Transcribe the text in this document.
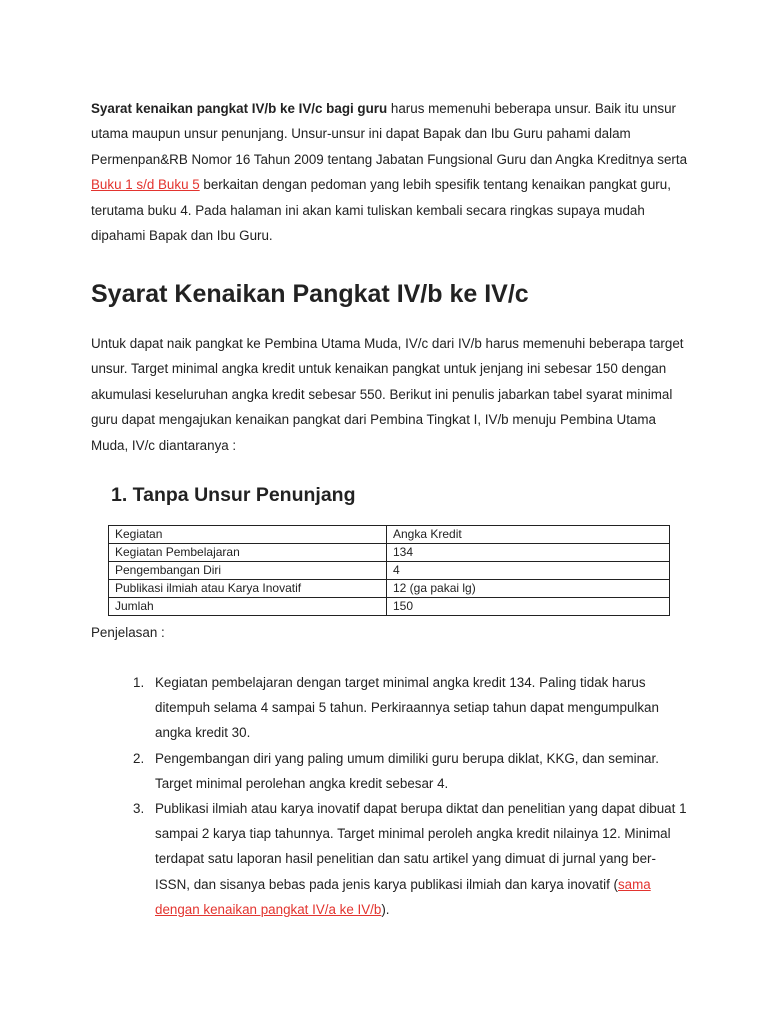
Syarat kenaikan pangkat IV/b ke IV/c bagi guru harus memenuhi beberapa unsur. Baik itu unsur utama maupun unsur penunjang. Unsur-unsur ini dapat Bapak dan Ibu Guru pahami dalam Permenpan&RB Nomor 16 Tahun 2009 tentang Jabatan Fungsional Guru dan Angka Kreditnya serta Buku 1 s/d Buku 5 berkaitan dengan pedoman yang lebih spesifik tentang kenaikan pangkat guru, terutama buku 4. Pada halaman ini akan kami tuliskan kembali secara ringkas supaya mudah dipahami Bapak dan Ibu Guru.

Syarat Kenaikan Pangkat IV/b ke IV/c

Untuk dapat naik pangkat ke Pembina Utama Muda, IV/c dari IV/b harus memenuhi beberapa target unsur. Target minimal angka kredit untuk kenaikan pangkat untuk jenjang ini sebesar 150 dengan akumulasi keseluruhan angka kredit sebesar 550. Berikut ini penulis jabarkan tabel syarat minimal guru dapat mengajukan kenaikan pangkat dari Pembina Tingkat I, IV/b menuju Pembina Utama Muda, IV/c diantaranya :

1. Tanpa Unsur Penunjang
Kegiatan	Angka Kredit
Kegiatan Pembelajaran	134
Pengembangan Diri	4
Publikasi ilmiah atau Karya Inovatif	12 (ga pakai lg)
Jumlah	150

Penjelasan :

1. Kegiatan pembelajaran dengan target minimal angka kredit 134. Paling tidak harus ditempuh selama 4 sampai 5 tahun. Perkiraannya setiap tahun dapat mengumpulkan angka kredit 30.
2. Pengembangan diri yang paling umum dimiliki guru berupa diklat, KKG, dan seminar. Target minimal perolehan angka kredit sebesar 4.
3. Publikasi ilmiah atau karya inovatif dapat berupa diktat dan penelitian yang dapat dibuat 1 sampai 2 karya tiap tahunnya. Target minimal peroleh angka kredit nilainya 12. Minimal terdapat satu laporan hasil penelitian dan satu artikel yang dimuat di jurnal yang ber- ISSN, dan sisanya bebas pada jenis karya publikasi ilmiah dan karya inovatif (sama dengan kenaikan pangkat IV/a ke IV/b).
